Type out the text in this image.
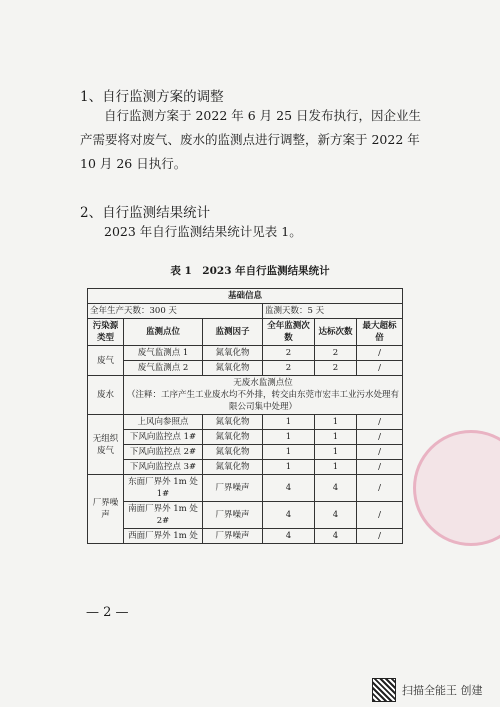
1、自行监测方案的调整
自行监测方案于 2022 年 6 月 25 日发布执行，因企业生产需要将对废气、废水的监测点进行调整，新方案于 2022 年 10 月 26 日执行。
2、自行监测结果统计
2023 年自行监测结果统计见表 1。
表 1　2023 年自行监测结果统计
基础信息					
全年生产天数：300 天			监测天数：5 天		
污染源类型	监测点位	监测因子	全年监测次数	达标次数	最大超标倍
废气	废气监测点 1	氮氧化物	2	2	/
	废气监测点 2	氮氧化物	2	2	/
废水	无废水监测点位
（注释：工序产生工业废水均不外排，转交由东莞市宏丰工业污水处理有限公司集中处理）				

无组织废气	上风向参照点	氮氧化物	1	1	/
	下风向监控点 1#	氮氧化物	1	1	/
	下风向监控点 2#	氮氧化物	1	1	/
	下风向监控点 3#	氮氧化物	1	1	/
厂界噪声	东面厂界外 1m 处 1#	厂界噪声	4	4	/
	南面厂界外 1m 处 2#	厂界噪声	4	4	/
	西面厂界外 1m 处	厂界噪声	4	4	/
— 2 —
扫描全能王 创建
